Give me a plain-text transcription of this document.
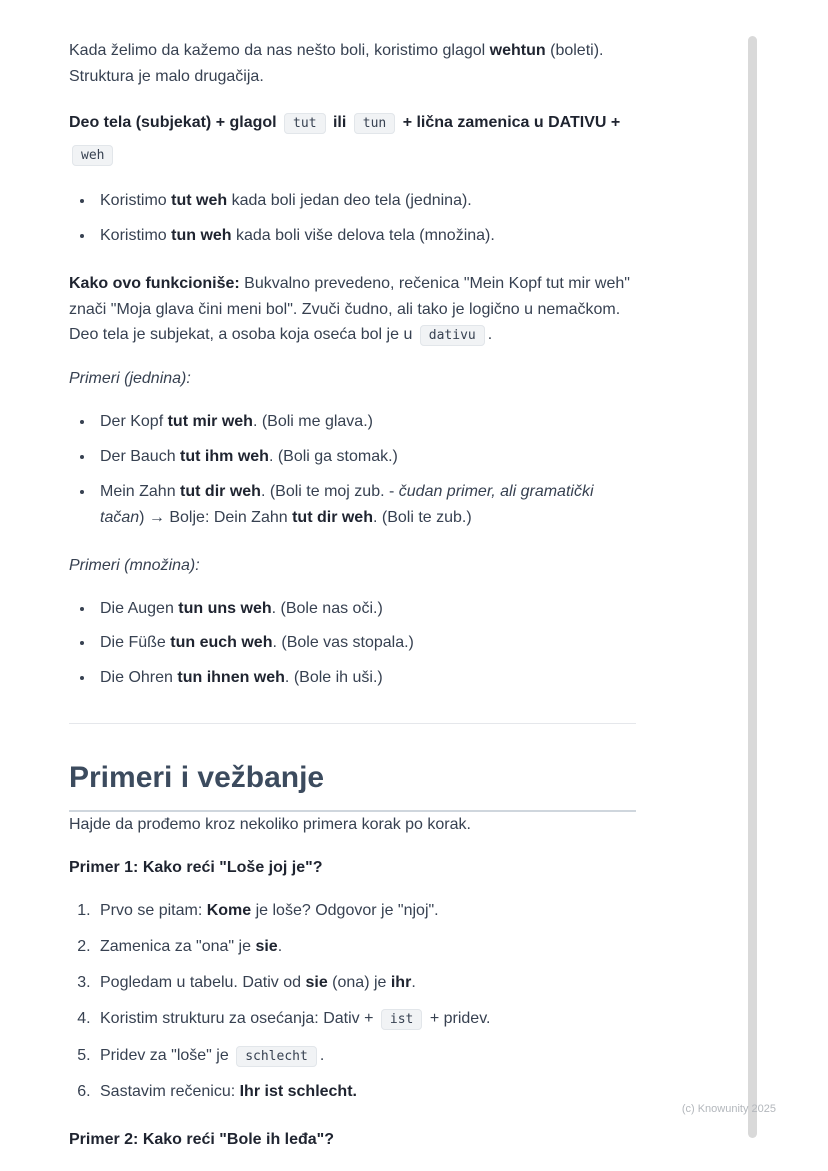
Kada želimo da kažemo da nas nešto boli, koristimo glagol wehtun (boleti). Struktura je malo drugačija.

Deo tela (subjekat) + glagol tut ili tun + lična zamenica u DATIVU + weh

• Koristimo tut weh kada boli jedan deo tela (jednina).
• Koristimo tun weh kada boli više delova tela (množina).

Kako ovo funkcioniše: Bukvalno prevedeno, rečenica "Mein Kopf tut mir weh" znači "Moja glava čini meni bol". Zvuči čudno, ali tako je logično u nemačkom. Deo tela je subjekat, a osoba koja oseća bol je u dativu .

Primeri (jednina):

• Der Kopf tut mir weh. (Boli me glava.)
• Der Bauch tut ihm weh. (Boli ga stomak.)
• Mein Zahn tut dir weh. (Boli te moj zub. - čudan primer, ali gramatički tačan) → Bolje: Dein Zahn tut dir weh. (Boli te zub.)

Primeri (množina):

• Die Augen tun uns weh. (Bole nas oči.)
• Die Füße tun euch weh. (Bole vas stopala.)
• Die Ohren tun ihnen weh. (Bole ih uši.)
Primeri i vežbanje

Hajde da prođemo kroz nekoliko primera korak po korak.

Primer 1: Kako reći "Loše joj je"?

1. Prvo se pitam: Kome je loše? Odgovor je "njoj".
2. Zamenica za "ona" je sie.
3. Pogledam u tabelu. Dativ od sie (ona) je ihr.
4. Koristim strukturu za osećanja: Dativ + ist + pridev.
5. Pridev za "loše" je schlecht .
6. Sastavim rečenicu: Ihr ist schlecht.

Primer 2: Kako reći "Bole ih leđa"?

(c) Knowunity 2025
